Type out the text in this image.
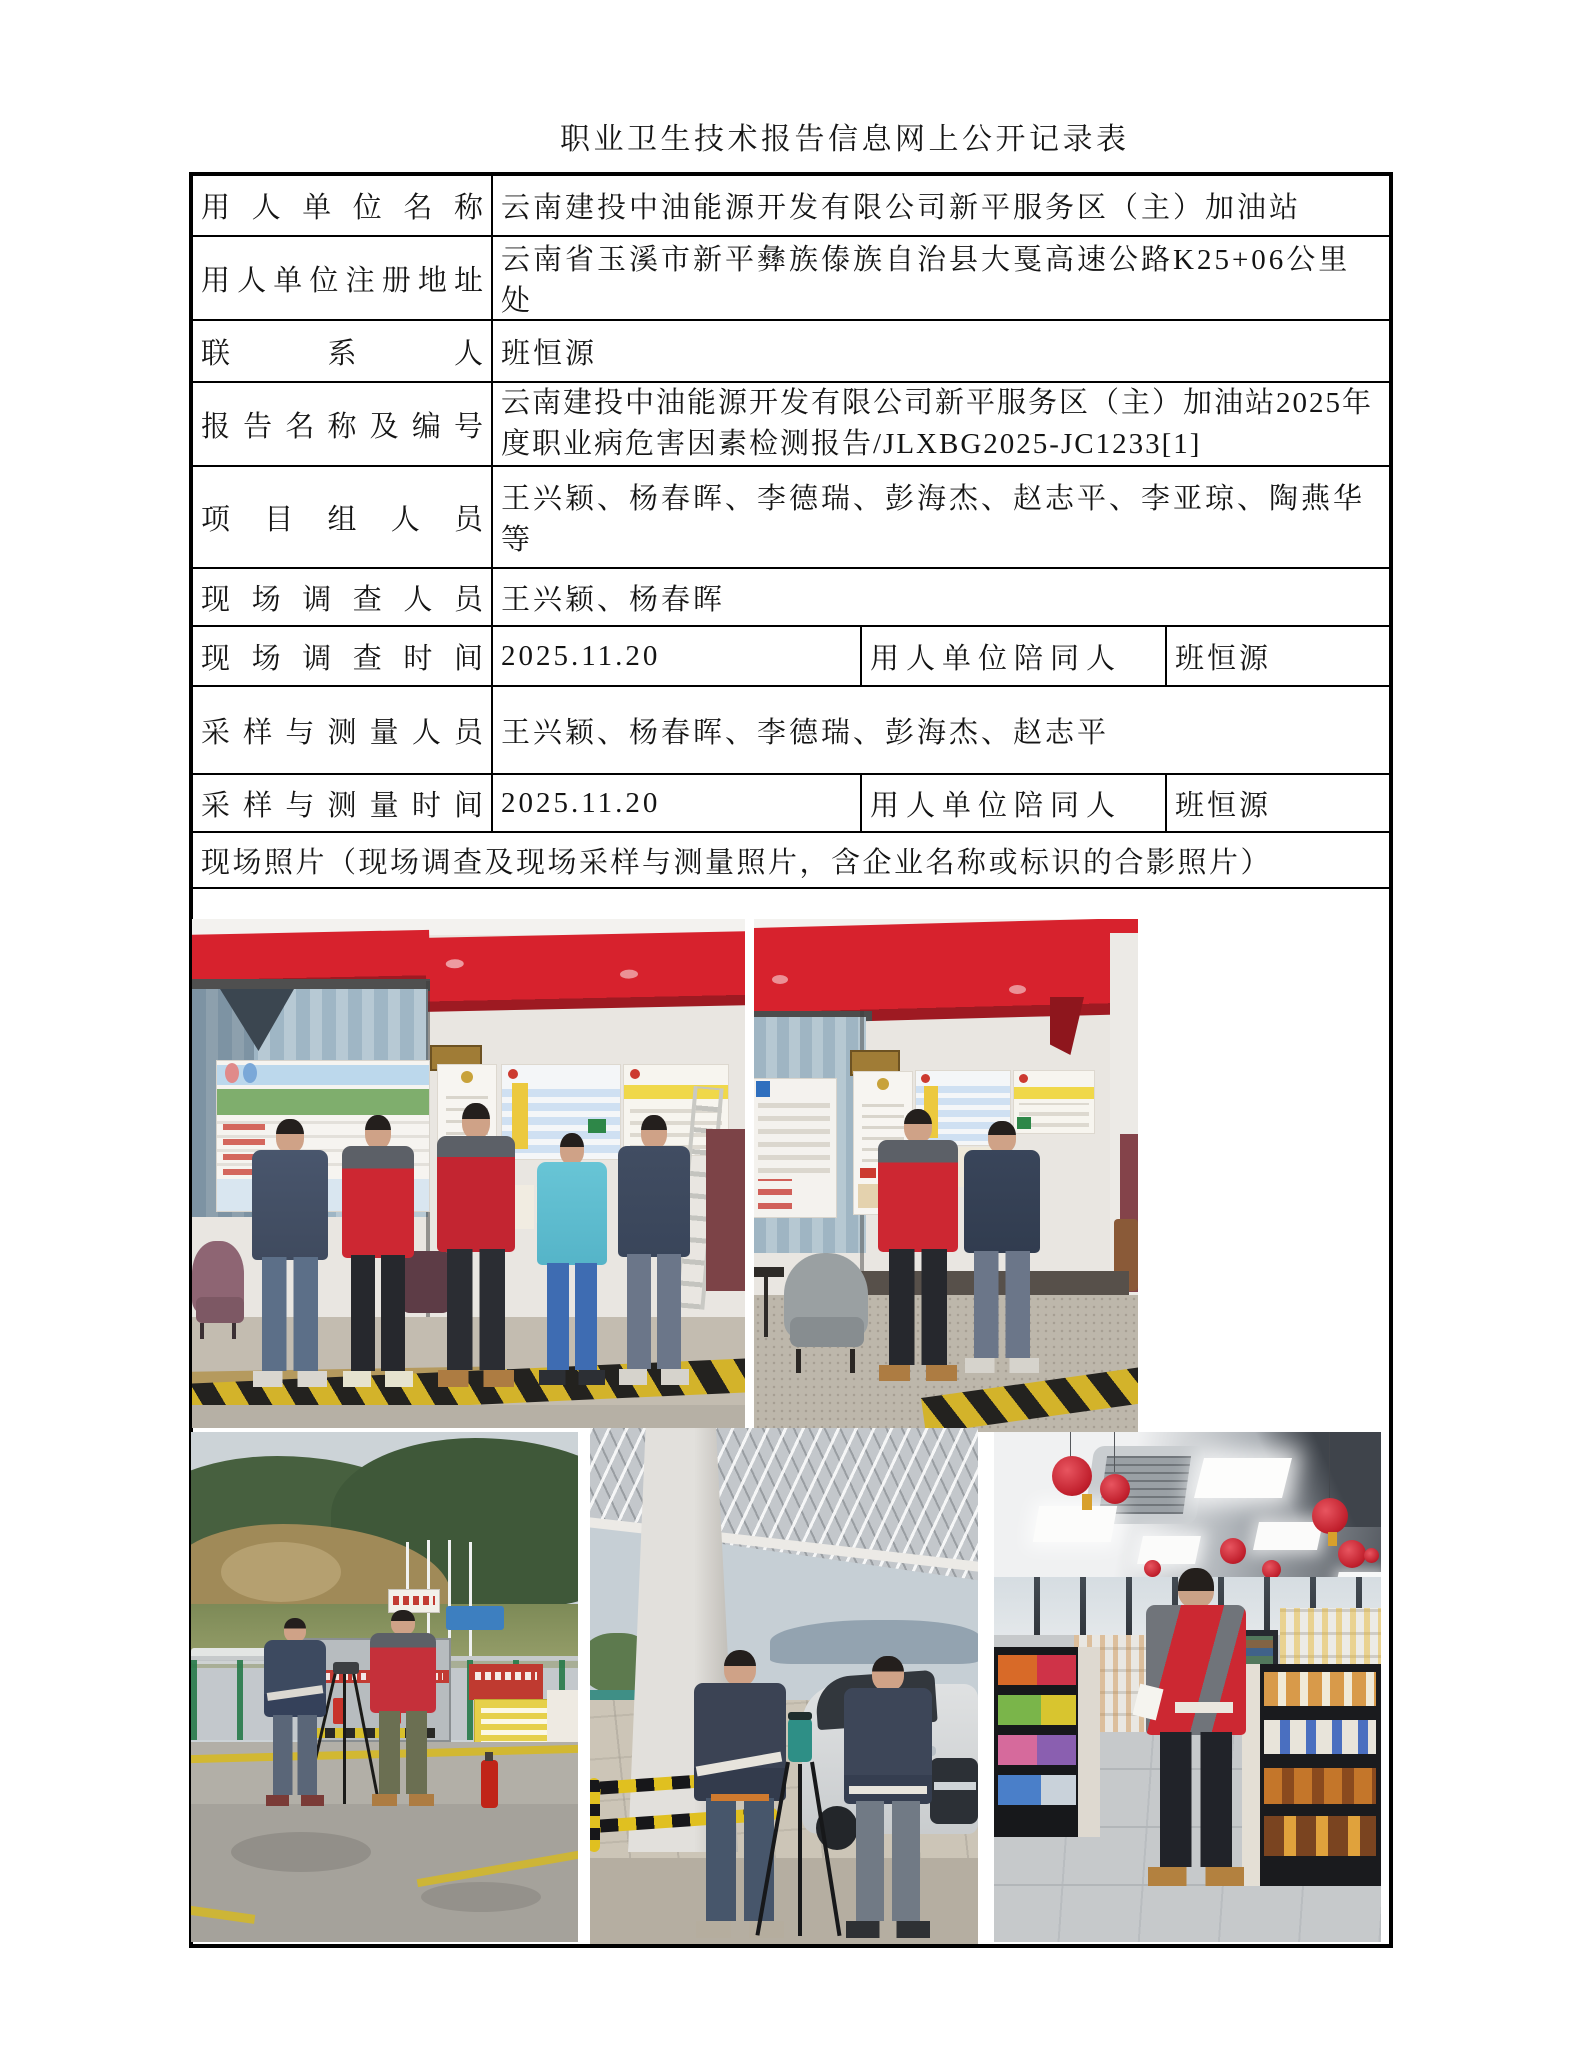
职业卫生技术报告信息网上公开记录表
用人单位名称	云南建投中油能源开发有限公司新平服务区（主）加油站		
用人单位注册地址	云南省玉溪市新平彝族傣族自治县大戛高速公路K25+06公里处		
联系人	班恒源		
报告名称及编号	云南建投中油能源开发有限公司新平服务区（主）加油站2025年度职业病危害因素检测报告/JLXBG2025-JC1233[1]		
项目组人员	王兴颖、杨春晖、李德瑞、彭海杰、赵志平、李亚琼、陶燕华等		
现场调查人员	王兴颖、杨春晖		
现场调查时间	2025.11.20	用人单位陪同人	班恒源
采样与测量人员	王兴颖、杨春晖、李德瑞、彭海杰、赵志平		
采样与测量时间	2025.11.20	用人单位陪同人	班恒源
现场照片（现场调查及现场采样与测量照片，含企业名称或标识的合影照片）			
